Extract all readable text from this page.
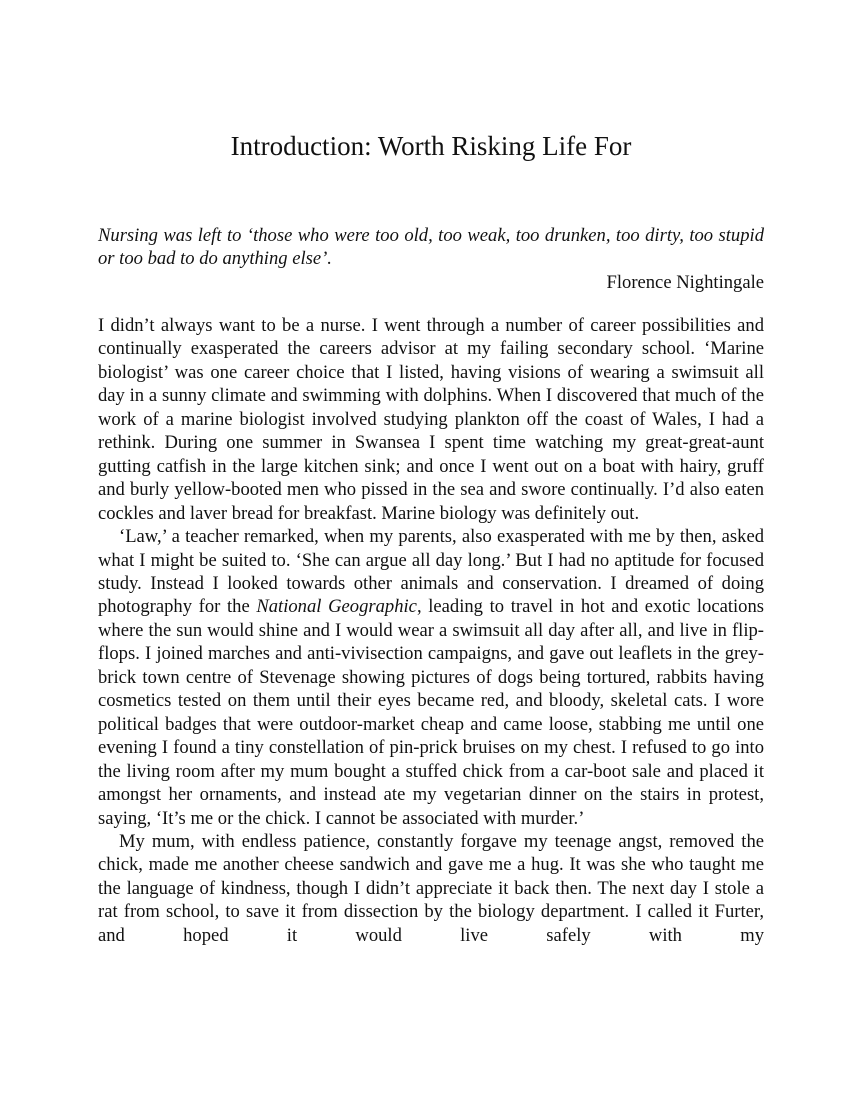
Introduction: Worth Risking Life For

Nursing was left to ‘those who were too old, too weak, too drunken, too dirty, too stupid or too bad to do anything else’.

Florence Nightingale

I didn’t always want to be a nurse. I went through a number of career possibilities and continually exasperated the careers advisor at my failing secondary school. ‘Marine biologist’ was one career choice that I listed, having visions of wearing a swimsuit all day in a sunny climate and swimming with dolphins. When I discovered that much of the work of a marine biologist involved studying plankton off the coast of Wales, I had a rethink. During one summer in Swansea I spent time watching my great-great-aunt gutting catfish in the large kitchen sink; and once I went out on a boat with hairy, gruff and burly yellow-booted men who pissed in the sea and swore continually. I’d also eaten cockles and laver bread for breakfast. Marine biology was definitely out.

‘Law,’ a teacher remarked, when my parents, also exasperated with me by then, asked what I might be suited to. ‘She can argue all day long.’ But I had no aptitude for focused study. Instead I looked towards other animals and conservation. I dreamed of doing photography for the National Geographic, leading to travel in hot and exotic locations where the sun would shine and I would wear a swimsuit all day after all, and live in flip-flops. I joined marches and anti-vivisection campaigns, and gave out leaflets in the grey-brick town centre of Stevenage showing pictures of dogs being tortured, rabbits having cosmetics tested on them until their eyes became red, and bloody, skeletal cats. I wore political badges that were outdoor-market cheap and came loose, stabbing me until one evening I found a tiny constellation of pin-prick bruises on my chest. I refused to go into the living room after my mum bought a stuffed chick from a car-boot sale and placed it amongst her ornaments, and instead ate my vegetarian dinner on the stairs in protest, saying, ‘It’s me or the chick. I cannot be associated with murder.’

My mum, with endless patience, constantly forgave my teenage angst, removed the chick, made me another cheese sandwich and gave me a hug. It was she who taught me the language of kindness, though I didn’t appreciate it back then. The next day I stole a rat from school, to save it from dissection by the biology department. I called it Furter, and hoped it would live safely with my
